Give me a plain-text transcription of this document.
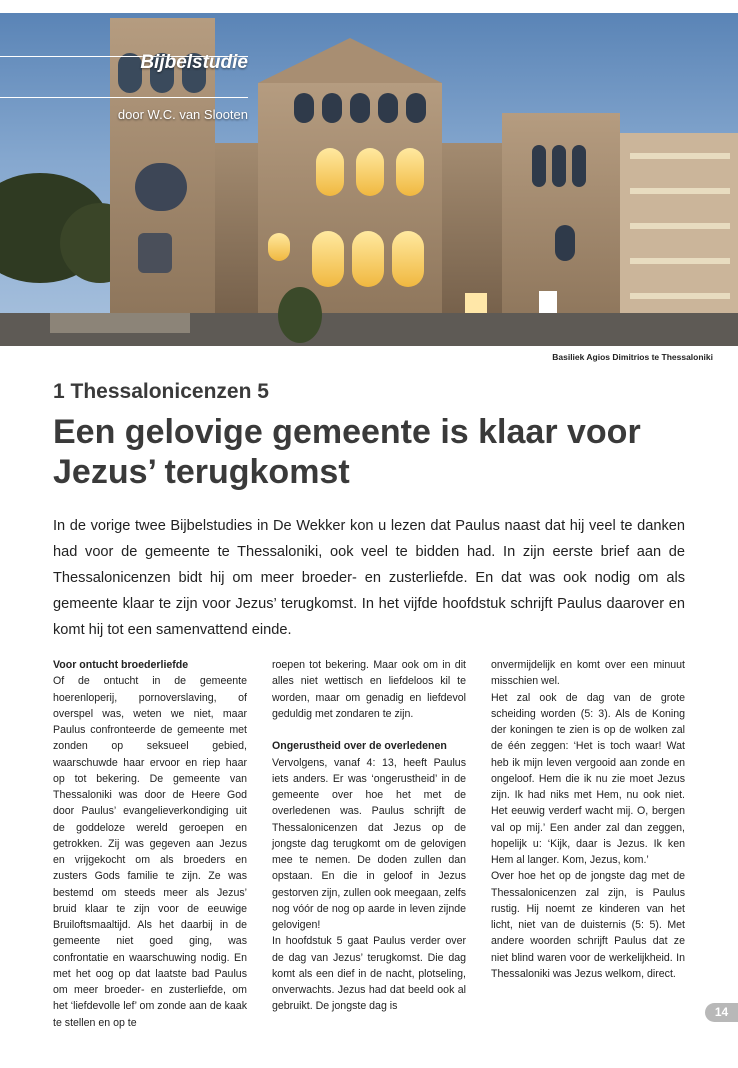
Bijbelstudie
door W.C. van Slooten
Basiliek Agios Dimitrios te Thessaloniki
1 Thessalonicenzen 5
Een gelovige gemeente is klaar voor Jezus’ terugkomst

In de vorige twee Bijbelstudies in De Wekker kon u lezen dat Paulus naast dat hij veel te danken had voor de gemeente te Thessaloniki, ook veel te bidden had. In zijn eerste brief aan de Thessalonicenzen bidt hij om meer broeder- en zusterliefde. En dat was ook nodig om als gemeente klaar te zijn voor Jezus’ terugkomst. In het vijfde hoofdstuk schrijft Paulus daarover en komt hij tot een samenvattend einde.

Voor ontucht broederliefde

Of de ontucht in de gemeente hoerenloperij, pornoverslaving, of overspel was, weten we niet, maar Paulus confronteerde de gemeente met zonden op seksueel gebied, waarschuwde haar ervoor en riep haar op tot bekering. De gemeente van Thessaloniki was door de Heere God door Paulus’ evangelieverkondiging uit de goddeloze wereld geroepen en getrokken. Zij was gegeven aan Jezus en vrijgekocht om als broeders en zusters Gods familie te zijn. Ze was bestemd om steeds meer als Jezus’ bruid klaar te zijn voor de eeuwige Bruiloftsmaaltijd. Als het daarbij in de gemeente niet goed ging, was confrontatie en waarschuwing nodig. En met het oog op dat laatste bad Paulus om meer broeder- en zusterliefde, om het ‘liefdevolle lef’ om zonde aan de kaak te stellen en op te

roepen tot bekering. Maar ook om in dit alles niet wettisch en liefdeloos kil te worden, maar om genadig en liefdevol geduldig met zondaren te zijn.

Ongerustheid over de overledenen

Vervolgens, vanaf 4: 13, heeft Paulus iets anders. Er was ‘ongerustheid’ in de gemeente over hoe het met de overledenen was. Paulus schrijft de Thessalonicenzen dat Jezus op de jongste dag terugkomt om de gelovigen mee te nemen. De doden zullen dan opstaan. En die in geloof in Jezus gestorven zijn, zullen ook meegaan, zelfs nog vóór de nog op aarde in leven zijnde gelovigen!

In hoofdstuk 5 gaat Paulus verder over de dag van Jezus’ terugkomst. Die dag komt als een dief in de nacht, plotseling, onverwachts. Jezus had dat beeld ook al gebruikt. De jongste dag is

onvermijdelijk en komt over een minuut misschien wel.

Het zal ook de dag van de grote scheiding worden (5: 3). Als de Koning der koningen te zien is op de wolken zal de één zeggen: ‘Het is toch waar! Wat heb ik mijn leven vergooid aan zonde en ongeloof. Hem die ik nu zie moet Jezus zijn. Ik had niks met Hem, nu ook niet. Het eeuwig verderf wacht mij. O, bergen val op mij.’ Een ander zal dan zeggen, hopelijk u: ‘Kijk, daar is Jezus. Ik ken Hem al langer. Kom, Jezus, kom.’

Over hoe het op de jongste dag met de Thessalonicenzen zal zijn, is Paulus rustig. Hij noemt ze kinderen van het licht, niet van de duisternis (5: 5). Met andere woorden schrijft Paulus dat ze niet blind waren voor de werkelijkheid. In Thessaloniki was Jezus welkom, direct.

14
